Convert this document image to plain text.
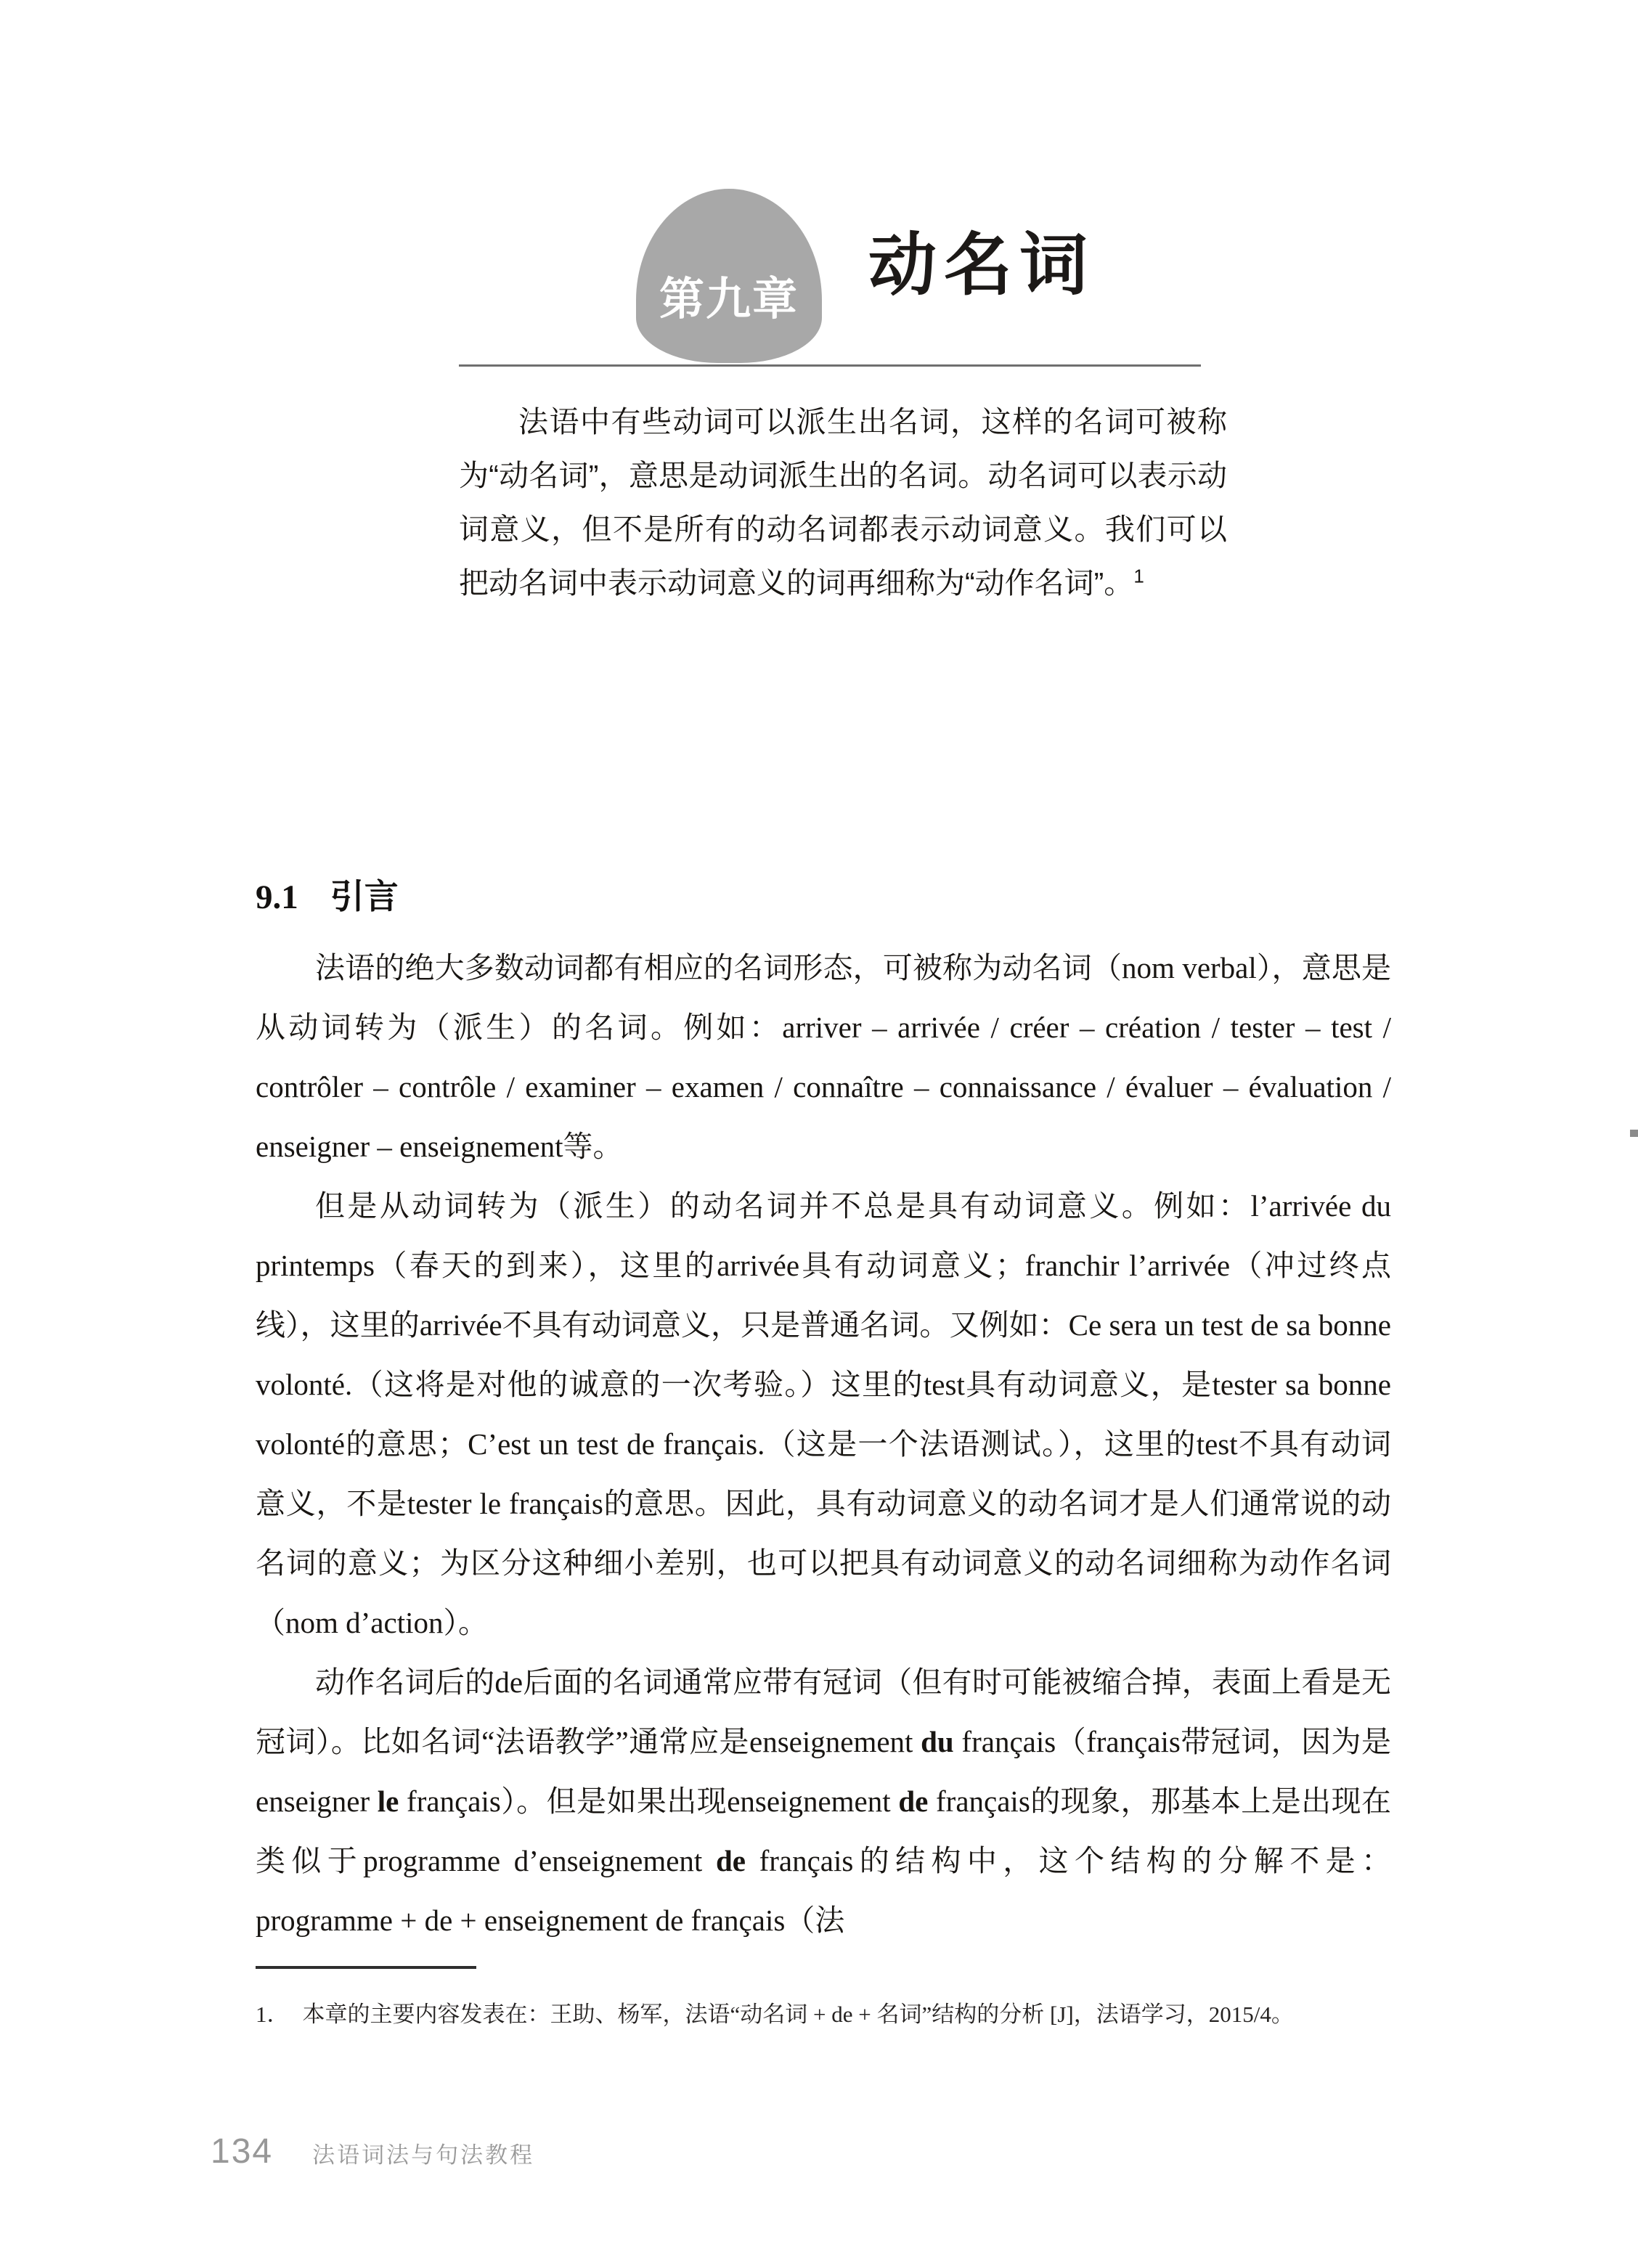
第九章 动名词

法语中有些动词可以派生出名词，这样的名词可被称为“动名词”，意思是动词派生出的名词。动名词可以表示动词意义，但不是所有的动名词都表示动词意义。我们可以把动名词中表示动词意义的词再细称为“动作名词”。$^1$

9.1 引言

法语的绝大多数动词都有相应的名词形态，可被称为动名词（nom verbal），意思是从动词转为（派生）的名词。例如：arriver – arrivée / créer – création / tester – test / contrôler – contrôle / examiner – examen / connaître – connaissance / évaluer – évaluation / enseigner – enseignement等。

但是从动词转为（派生）的动名词并不总是具有动词意义。例如：l’arrivée du printemps（春天的到来），这里的arrivée具有动词意义；franchir l’arrivée（冲过终点线），这里的arrivée不具有动词意义，只是普通名词。又例如：Ce sera un test de sa bonne volonté.（这将是对他的诚意的一次考验。）这里的test具有动词意义，是tester sa bonne volonté的意思；C’est un test de français.（这是一个法语测试。），这里的test不具有动词意义，不是tester le français的意思。因此，具有动词意义的动名词才是人们通常说的动名词的意义；为区分这种细小差别，也可以把具有动词意义的动名词细称为动作名词（nom d’action）。

动作名词后的de后面的名词通常应带有冠词（但有时可能被缩合掉，表面上看是无冠词）。比如名词“法语教学”通常应是enseignement du français（français带冠词，因为是enseigner le français）。但是如果出现enseignement de français的现象，那基本上是出现在类似于programme d’enseignement de français的结构中，这个结构的分解不是：programme + de + enseignement de français（法

1． 本章的主要内容发表在：王助、杨军，法语“动名词 + de + 名词”结构的分析 [J]，法语学习，2015/4。

134 法语词法与句法教程
